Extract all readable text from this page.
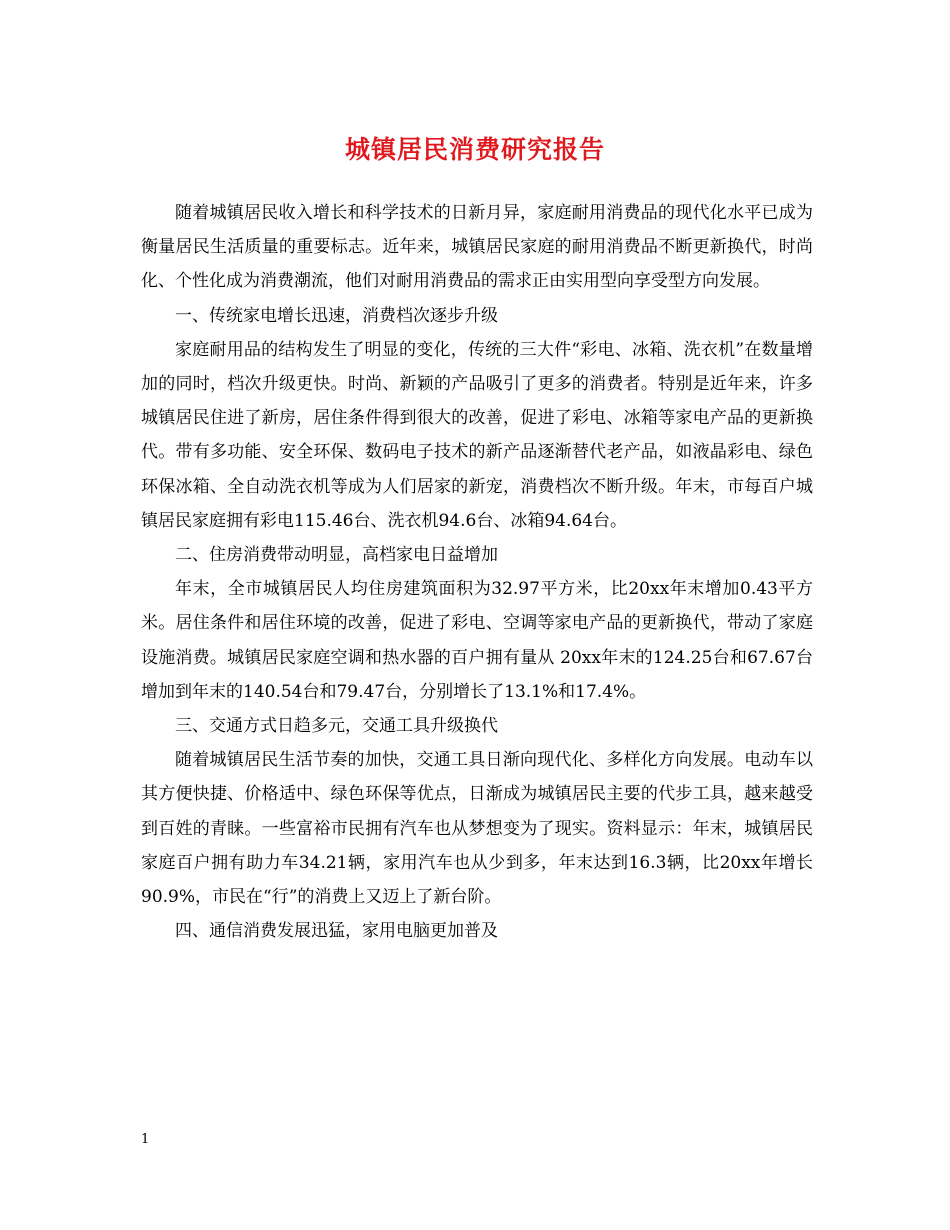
城镇居民消费研究报告

随着城镇居民收入增长和科学技术的日新月异，家庭耐用消费品的现代化水平已成为衡量居民生活质量的重要标志。近年来，城镇居民家庭的耐用消费品不断更新换代，时尚化、个性化成为消费潮流，他们对耐用消费品的需求正由实用型向享受型方向发展。

一、传统家电增长迅速，消费档次逐步升级

家庭耐用品的结构发生了明显的变化，传统的三大件“彩电、冰箱、洗衣机”在数量增加的同时，档次升级更快。时尚、新颖的产品吸引了更多的消费者。特别是近年来，许多城镇居民住进了新房，居住条件得到很大的改善，促进了彩电、冰箱等家电产品的更新换代。带有多功能、安全环保、数码电子技术的新产品逐渐替代老产品，如液晶彩电、绿色环保冰箱、全自动洗衣机等成为人们居家的新宠，消费档次不断升级。年末，市每百户城镇居民家庭拥有彩电115.46台、洗衣机94.6台、冰箱94.64台。

二、住房消费带动明显，高档家电日益增加

年末，全市城镇居民人均住房建筑面积为32.97平方米，比20xx年末增加0.43平方米。居住条件和居住环境的改善，促进了彩电、空调等家电产品的更新换代，带动了家庭设施消费。城镇居民家庭空调和热水器的百户拥有量从 20xx年末的124.25台和67.67台增加到年末的140.54台和79.47台，分别增长了13.1%和17.4%。

三、交通方式日趋多元，交通工具升级换代

随着城镇居民生活节奏的加快，交通工具日渐向现代化、多样化方向发展。电动车以其方便快捷、价格适中、绿色环保等优点，日渐成为城镇居民主要的代步工具，越来越受到百姓的青睐。一些富裕市民拥有汽车也从梦想变为了现实。资料显示：年末，城镇居民家庭百户拥有助力车34.21辆，家用汽车也从少到多，年末达到16.3辆，比20xx年增长90.9%，市民在“行”的消费上又迈上了新台阶。

四、通信消费发展迅猛，家用电脑更加普及

1
